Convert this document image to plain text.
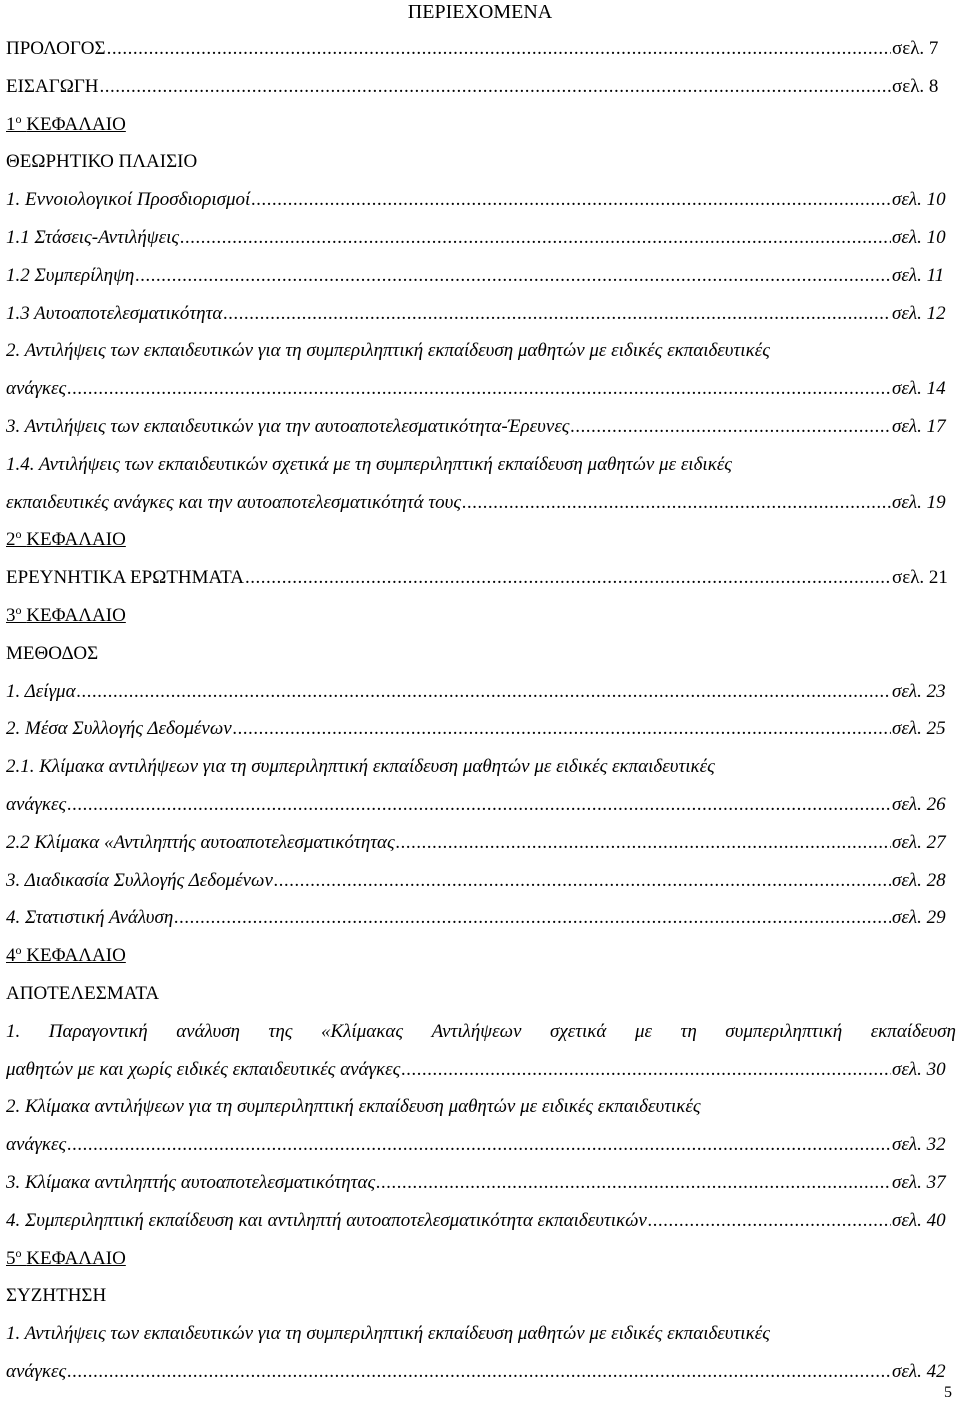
ΠΕΡΙΕΧΟΜΕΝΑ
ΠΡΟΛΟΓΟΣ .....	σελ. 7
ΕΙΣΑΓΩΓΗ .....	σελ. 8
$1^o$ ΚΕΦΑΛΑΙΟ
ΘΕΩΡΗΤΙΚΟ ΠΛΑΙΣΙΟ
1. Εννοιολογικοί Προσδιορισμοί .....	σελ. 10
1.1 Στάσεις-Αντιλήψεις .....	σελ. 10
1.2 Συμπερίληψη .....	σελ. 11
1.3 Αυτοαποτελεσματικότητα .....	σελ. 12
2. Αντιλήψεις των εκπαιδευτικών για τη συμπεριληπτική εκπαίδευση μαθητών με ειδικές εκπαιδευτικές
ανάγκες .....	σελ. 14
3. Αντιλήψεις των εκπαιδευτικών για την αυτοαποτελεσματικότητα-Έρευνες .....	σελ. 17
1.4. Αντιλήψεις των εκπαιδευτικών σχετικά με τη συμπεριληπτική εκπαίδευση μαθητών με ειδικές
εκπαιδευτικές ανάγκες και την αυτοαποτελεσματικότητά τους .....	σελ. 19
$2^o$ ΚΕΦΑΛΑΙΟ
ΕΡΕΥΝΗΤΙΚΑ ΕΡΩΤΗΜΑΤΑ .....	σελ. 21
$3^o$ ΚΕΦΑΛΑΙΟ
ΜΕΘΟΔΟΣ
1. Δείγμα .....	σελ. 23
2. Μέσα Συλλογής Δεδομένων .....	σελ. 25
2.1. Κλίμακα αντιλήψεων για τη συμπεριληπτική εκπαίδευση μαθητών με ειδικές εκπαιδευτικές
ανάγκες .....	σελ. 26
2.2 Κλίμακα «Αντιληπτής αυτοαποτελεσματικότητας .....	σελ. 27
3. Διαδικασία Συλλογής Δεδομένων .....	σελ. 28
4. Στατιστική Ανάλυση .....	σελ. 29
$4^o$ ΚΕΦΑΛΑΙΟ
ΑΠΟΤΕΛΕΣΜΑΤΑ
1. Παραγοντική ανάλυση της «Κλίμακας Αντιλήψεων σχετικά με τη συμπεριληπτική εκπαίδευση
μαθητών με και χωρίς ειδικές εκπαιδευτικές ανάγκες .....	σελ. 30
2. Κλίμακα αντιλήψεων για τη συμπεριληπτική εκπαίδευση μαθητών με ειδικές εκπαιδευτικές
ανάγκες .....	σελ. 32
3. Κλίμακα αντιληπτής αυτοαποτελεσματικότητας .....	σελ. 37
4. Συμπεριληπτική εκπαίδευση και αντιληπτή αυτοαποτελεσματικότητα εκπαιδευτικών .....	σελ. 40
$5^o$ ΚΕΦΑΛΑΙΟ
ΣΥΖΗΤΗΣΗ
1. Αντιλήψεις των εκπαιδευτικών για τη συμπεριληπτική εκπαίδευση μαθητών με ειδικές εκπαιδευτικές
ανάγκες .....	σελ. 42
5
